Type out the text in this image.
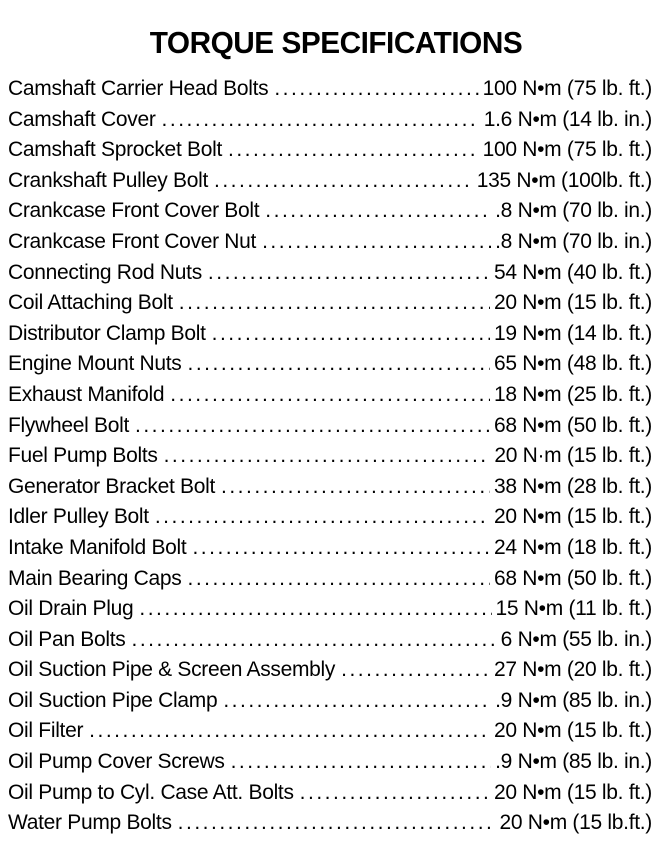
TORQUE SPECIFICATIONS
Camshaft Carrier Head Bolts .....	100 N•m (75 lb. ft.)
Camshaft Cover .....	1.6 N•m (14 lb. in.)
Camshaft Sprocket Bolt .....	100 N•m (75 lb. ft.)
Crankshaft Pulley Bolt .....	135 N•m (100lb. ft.)
Crankcase Front Cover Bolt .....	.8 N•m (70 lb. in.)
Crankcase Front Cover Nut .....	.8 N•m (70 lb. in.)
Connecting Rod Nuts .....	54 N•m (40 lb. ft.)
Coil Attaching Bolt .....	20 N•m (15 lb. ft.)
Distributor Clamp Bolt .....	19 N•m (14 lb. ft.)
Engine Mount Nuts .....	65 N•m (48 lb. ft.)
Exhaust Manifold .....	18 N•m (25 lb. ft.)
Flywheel Bolt .....	68 N•m (50 lb. ft.)
Fuel Pump Bolts .....	20 N·m (15 lb. ft.)
Generator Bracket Bolt .....	38 N•m (28 lb. ft.)
Idler Pulley Bolt .....	20 N•m (15 lb. ft.)
Intake Manifold Bolt .....	24 N•m (18 lb. ft.)
Main Bearing Caps .....	68 N•m (50 lb. ft.)
Oil Drain Plug .....	15 N•m (11 lb. ft.)
Oil Pan Bolts .....	6 N•m (55 lb. in.)
Oil Suction Pipe & Screen Assembly .....	27 N•m (20 lb. ft.)
Oil Suction Pipe Clamp .....	.9 N•m (85 lb. in.)
Oil Filter .....	20 N•m (15 lb. ft.)
Oil Pump Cover Screws .....	.9 N•m (85 lb. in.)
Oil Pump to Cyl. Case Att. Bolts .....	20 N•m (15 lb. ft.)
Water Pump Bolts .....	20 N•m (15 lb.ft.)
